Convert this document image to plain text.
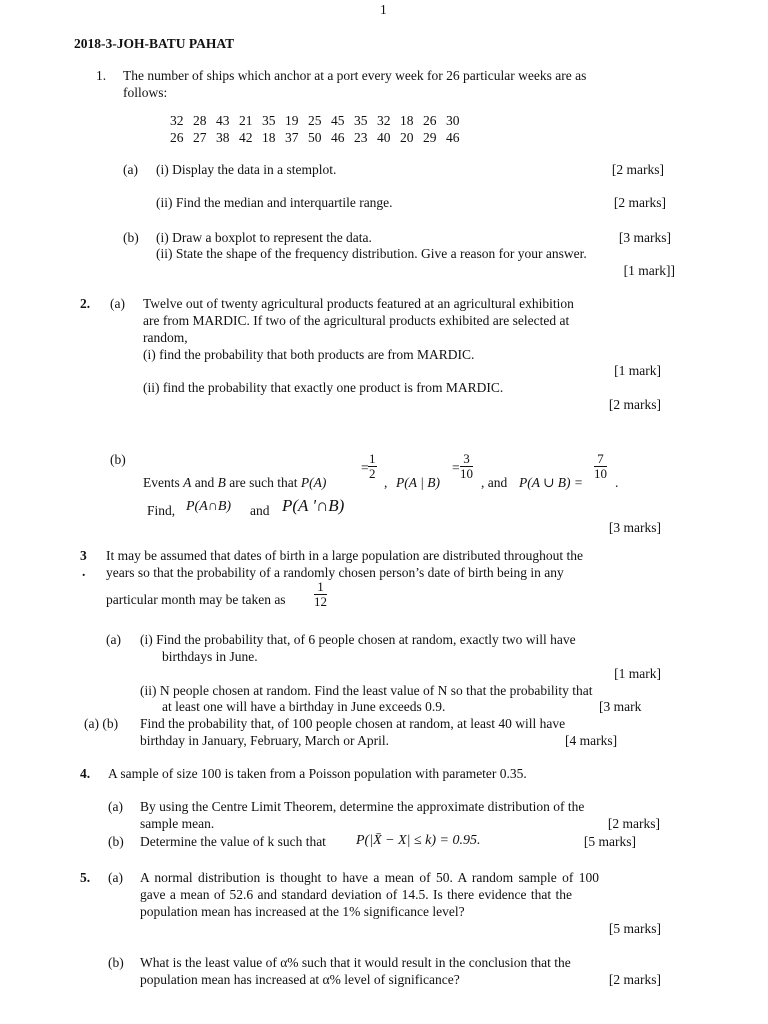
1
2018-3-JOH-BATU PAHAT
1. The number of ships which anchor at a port every week for 26 particular weeks are as
follows:
32 28 43 21 35 19 25 45 35 32 18 26 30
26 27 38 42 18 37 50 46 23 40 20 29 46
(a) (i) Display the data in a stemplot.	[2 marks]
(ii) Find the median and interquartile range.	[2 marks]
(b) (i) Draw a boxplot to represent the data.	[3 marks]
(ii) State the shape of the frequency distribution. Give a reason for your answer.
[1 mark]]
2. (a) Twelve out of twenty agricultural products featured at an agricultural exhibition
are from MARDIC. If two of the agricultural products exhibited are selected at
random,
(i) find the probability that both products are from MARDIC.
[1 mark]
(ii) find the probability that exactly one product is from MARDIC.
[2 marks]
(b)
Events A and B are such that P(A)
= $\frac{1}{2}$
, P(A | B)
= $\frac{3}{10}$
, and P(A ∪ B) =
$\frac{7}{10}$
.
Find, P(A∩B) and P(A '∩B)
[3 marks]
3
.
It may be assumed that dates of birth in a large population are distributed throughout the
years so that the probability of a randomly chosen person’s date of birth being in any
particular month may be taken as $\frac{1}{12}$
(a) (i) Find the probability that, of 6 people chosen at random, exactly two will have
birthdays in June.
[1 mark]
(ii) N people chosen at random. Find the least value of N so that the probability that
at least one will have a birthday in June exceeds 0.9.	[3 mark
(a) (b) Find the probability that, of 100 people chosen at random, at least 40 will have
birthday in January, February, March or April.	[4 marks]
4. A sample of size 100 is taken from a Poisson population with parameter 0.35.
(a) By using the Centre Limit Theorem, determine the approximate distribution of the
sample mean.	[2 marks]
(b) Determine the value of k such that P(|X̄ − X| ≤ k) = 0.95.	[5 marks]
5. (a) A normal distribution is thought to have a mean of 50. A random sample of 100
gave a mean of 52.6 and standard deviation of 14.5. Is there evidence that the
population mean has increased at the 1% significance level?
[5 marks]
(b) What is the least value of α% such that it would result in the conclusion that the
population mean has increased at α% level of significance?	[2 marks]
